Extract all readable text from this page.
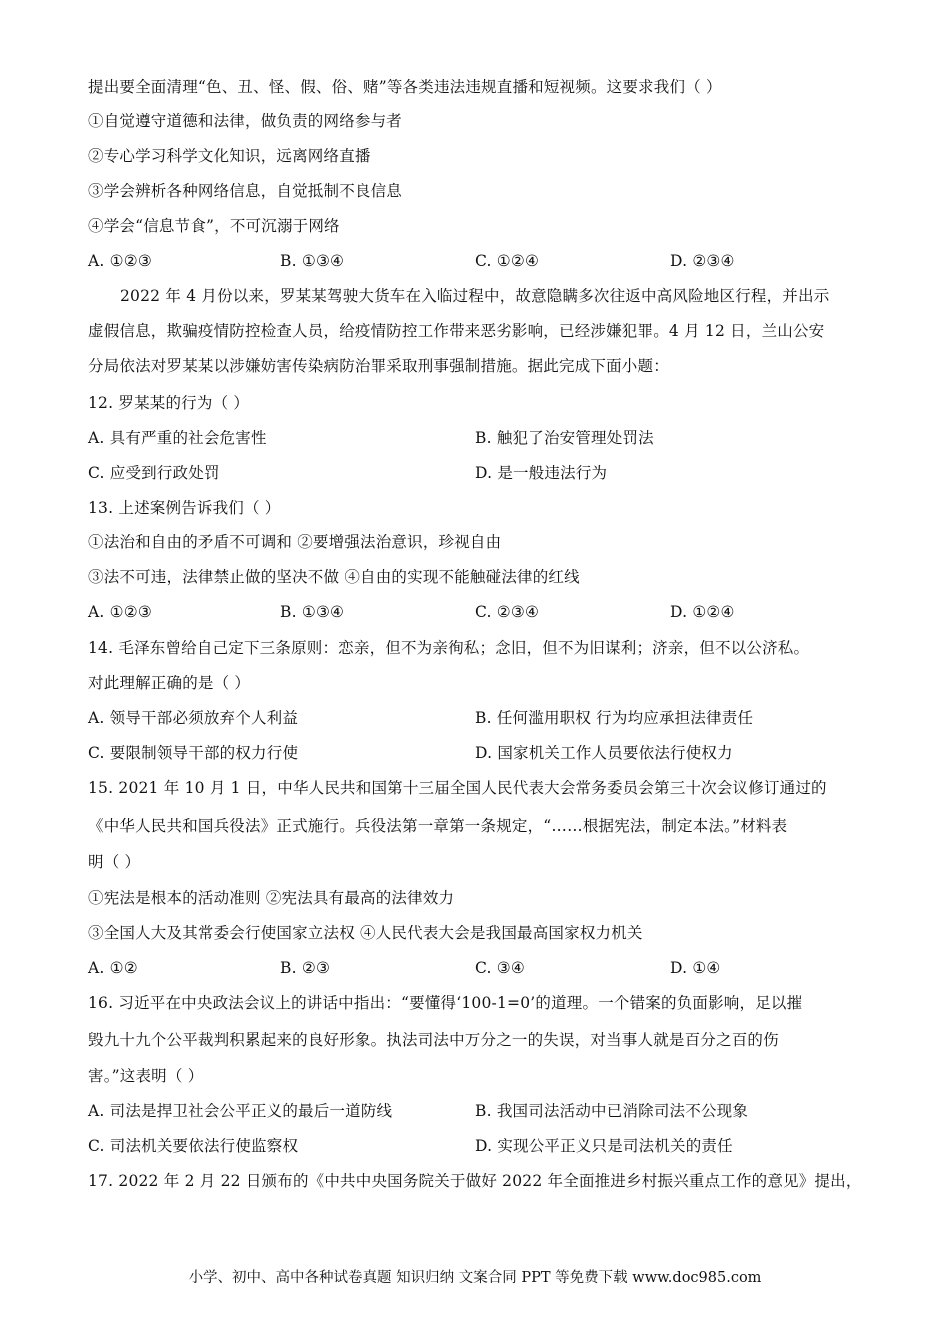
提出要全面清理“色、丑、怪、假、俗、赌”等各类违法违规直播和短视频。这要求我们（ ）
①自觉遵守道德和法律，做负责的网络参与者
②专心学习科学文化知识，远离网络直播
③学会辨析各种网络信息，自觉抵制不良信息
④学会“信息节食”，不可沉溺于网络
A. ①②③	B. ①③④	C. ①②④	D. ②③④
2022 年 4 月份以来，罗某某驾驶大货车在入临过程中，故意隐瞒多次往返中高风险地区行程，并出示
虚假信息，欺骗疫情防控检查人员，给疫情防控工作带来恶劣影响，已经涉嫌犯罪。4 月 12 日，兰山公安
分局依法对罗某某以涉嫌妨害传染病防治罪采取刑事强制措施。据此完成下面小题：
12. 罗某某的行为（ ）
A. 具有严重的社会危害性	B. 触犯了治安管理处罚法
C. 应受到行政处罚	D. 是一般违法行为
13. 上述案例告诉我们（ ）
①法治和自由的矛盾不可调和 ②要增强法治意识，珍视自由
③法不可违，法律禁止做的坚决不做 ④自由的实现不能触碰法律的红线
A. ①②③	B. ①③④	C. ②③④	D. ①②④
14. 毛泽东曾给自己定下三条原则：恋亲，但不为亲徇私；念旧，但不为旧谋利；济亲，但不以公济私。
对此理解正确的是（ ）
A. 领导干部必须放弃个人利益	B. 任何滥用职权 行为均应承担法律责任
C. 要限制领导干部的权力行使	D. 国家机关工作人员要依法行使权力
15. 2021 年 10 月 1 日，中华人民共和国第十三届全国人民代表大会常务委员会第三十次会议修订通过的
《中华人民共和国兵役法》正式施行。兵役法第一章第一条规定，“……根据宪法，制定本法。”材料表
明（ ）
①宪法是根本的活动准则 ②宪法具有最高的法律效力
③全国人大及其常委会行使国家立法权 ④人民代表大会是我国最高国家权力机关
A. ①②	B. ②③	C. ③④	D. ①④
16. 习近平在中央政法会议上的讲话中指出：“要懂得‘100-1=0’的道理。一个错案的负面影响，足以摧
毁九十九个公平裁判积累起来的良好形象。执法司法中万分之一的失误，对当事人就是百分之百的伤
害。”这表明（ ）
A. 司法是捍卫社会公平正义的最后一道防线	B. 我国司法活动中已消除司法不公现象
C. 司法机关要依法行使监察权	D. 实现公平正义只是司法机关的责任
17. 2022 年 2 月 22 日颁布的《中共中央国务院关于做好 2022 年全面推进乡村振兴重点工作的意见》提出，
小学、初中、高中各种试卷真题 知识归纳 文案合同 PPT 等免费下载 www.doc985.com
